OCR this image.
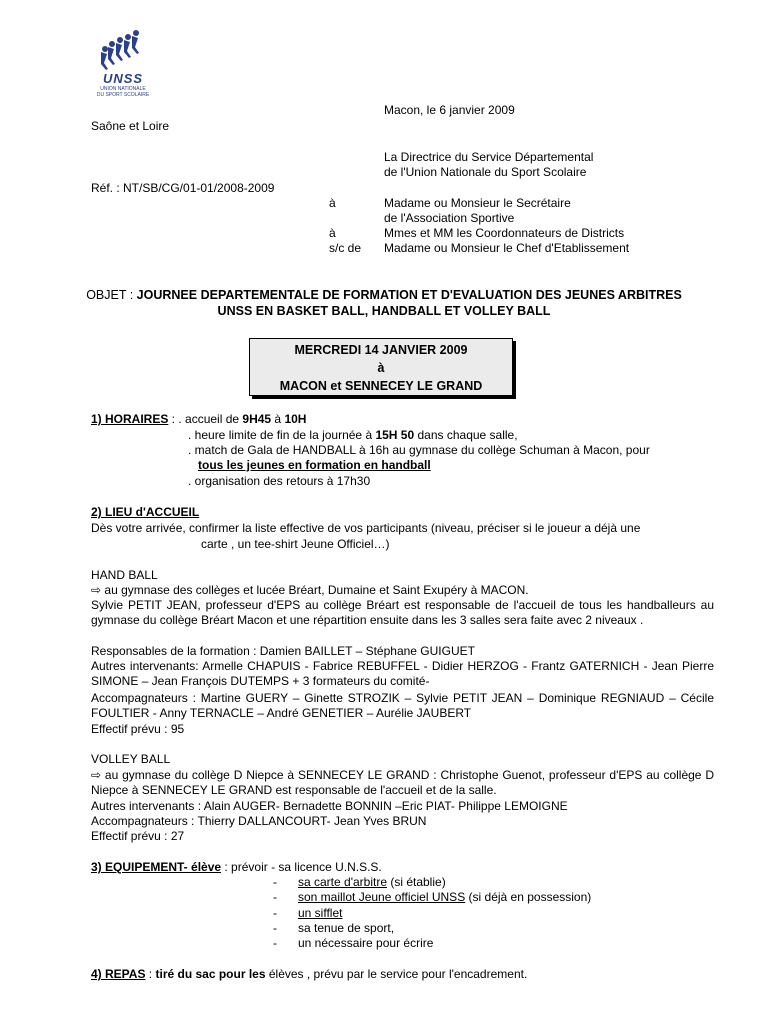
UNSS
UNION NATIONALE
DU SPORT SCOLAIRE
Macon, le 6 janvier 2009
Saône et Loire
La Directrice du Service Départemental
de l'Union Nationale du Sport Scolaire
Réf. : NT/SB/CG/01-01/2008-2009
à	Madame ou Monsieur le Secrétaire
de l'Association Sportive
à	Mmes et MM les Coordonnateurs de Districts
s/c de Madame ou Monsieur le Chef d'Etablissement
OBJET : JOURNEE DEPARTEMENTALE DE FORMATION ET D'EVALUATION DES JEUNES ARBITRES
UNSS EN BASKET BALL, HANDBALL ET VOLLEY BALL
MERCREDI 14 JANVIER 2009
à
MACON et SENNECEY LE GRAND
1) HORAIRES : . accueil de 9H45 à 10H
. heure limite de fin de la journée à 15H 50 dans chaque salle,
. match de Gala de HANDBALL à 16h au gymnase du collège Schuman à Macon, pour
tous les jeunes en formation en handball
. organisation des retours à 17h30
2) LIEU d'ACCUEIL
Dès votre arrivée, confirmer la liste effective de vos participants (niveau, préciser si le joueur a déjà une
carte , un tee-shirt Jeune Officiel…)
HAND BALL
⇨ au gymnase des collèges et lucée Bréart, Dumaine et Saint Exupéry à MACON.
Sylvie PETIT JEAN, professeur d'EPS au collège Bréart est responsable de l'accueil de tous les handballeurs au gymnase du collège Bréart Macon et une répartition ensuite dans les 3 salles sera faite avec 2 niveaux .
Responsables de la formation : Damien BAILLET – Stéphane GUIGUET
Autres intervenants: Armelle CHAPUIS - Fabrice REBUFFEL - Didier HERZOG - Frantz GATERNICH - Jean Pierre SIMONE – Jean François DUTEMPS + 3 formateurs du comité-
Accompagnateurs : Martine GUERY – Ginette STROZIK – Sylvie PETIT JEAN – Dominique REGNIAUD – Cécile FOULTIER - Anny TERNACLE – André GENETIER – Aurélie JAUBERT
Effectif prévu : 95
VOLLEY BALL
⇨ au gymnase du collège D Niepce à SENNECEY LE GRAND : Christophe Guenot, professeur d'EPS au collège D Niepce à SENNECEY LE GRAND est responsable de l'accueil et de la salle.
Autres intervenants : Alain AUGER- Bernadette BONNIN –Eric PIAT- Philippe LEMOIGNE
Accompagnateurs : Thierry DALLANCOURT- Jean Yves BRUN
Effectif prévu : 27
3) EQUIPEMENT- élève : prévoir - sa licence U.N.S.S.
- sa carte d'arbitre (si établie)
- son maillot Jeune officiel UNSS (si déjà en possession)
- un sifflet
- sa tenue de sport,
- un nécessaire pour écrire
4) REPAS : tiré du sac pour les élèves , prévu par le service pour l'encadrement.
